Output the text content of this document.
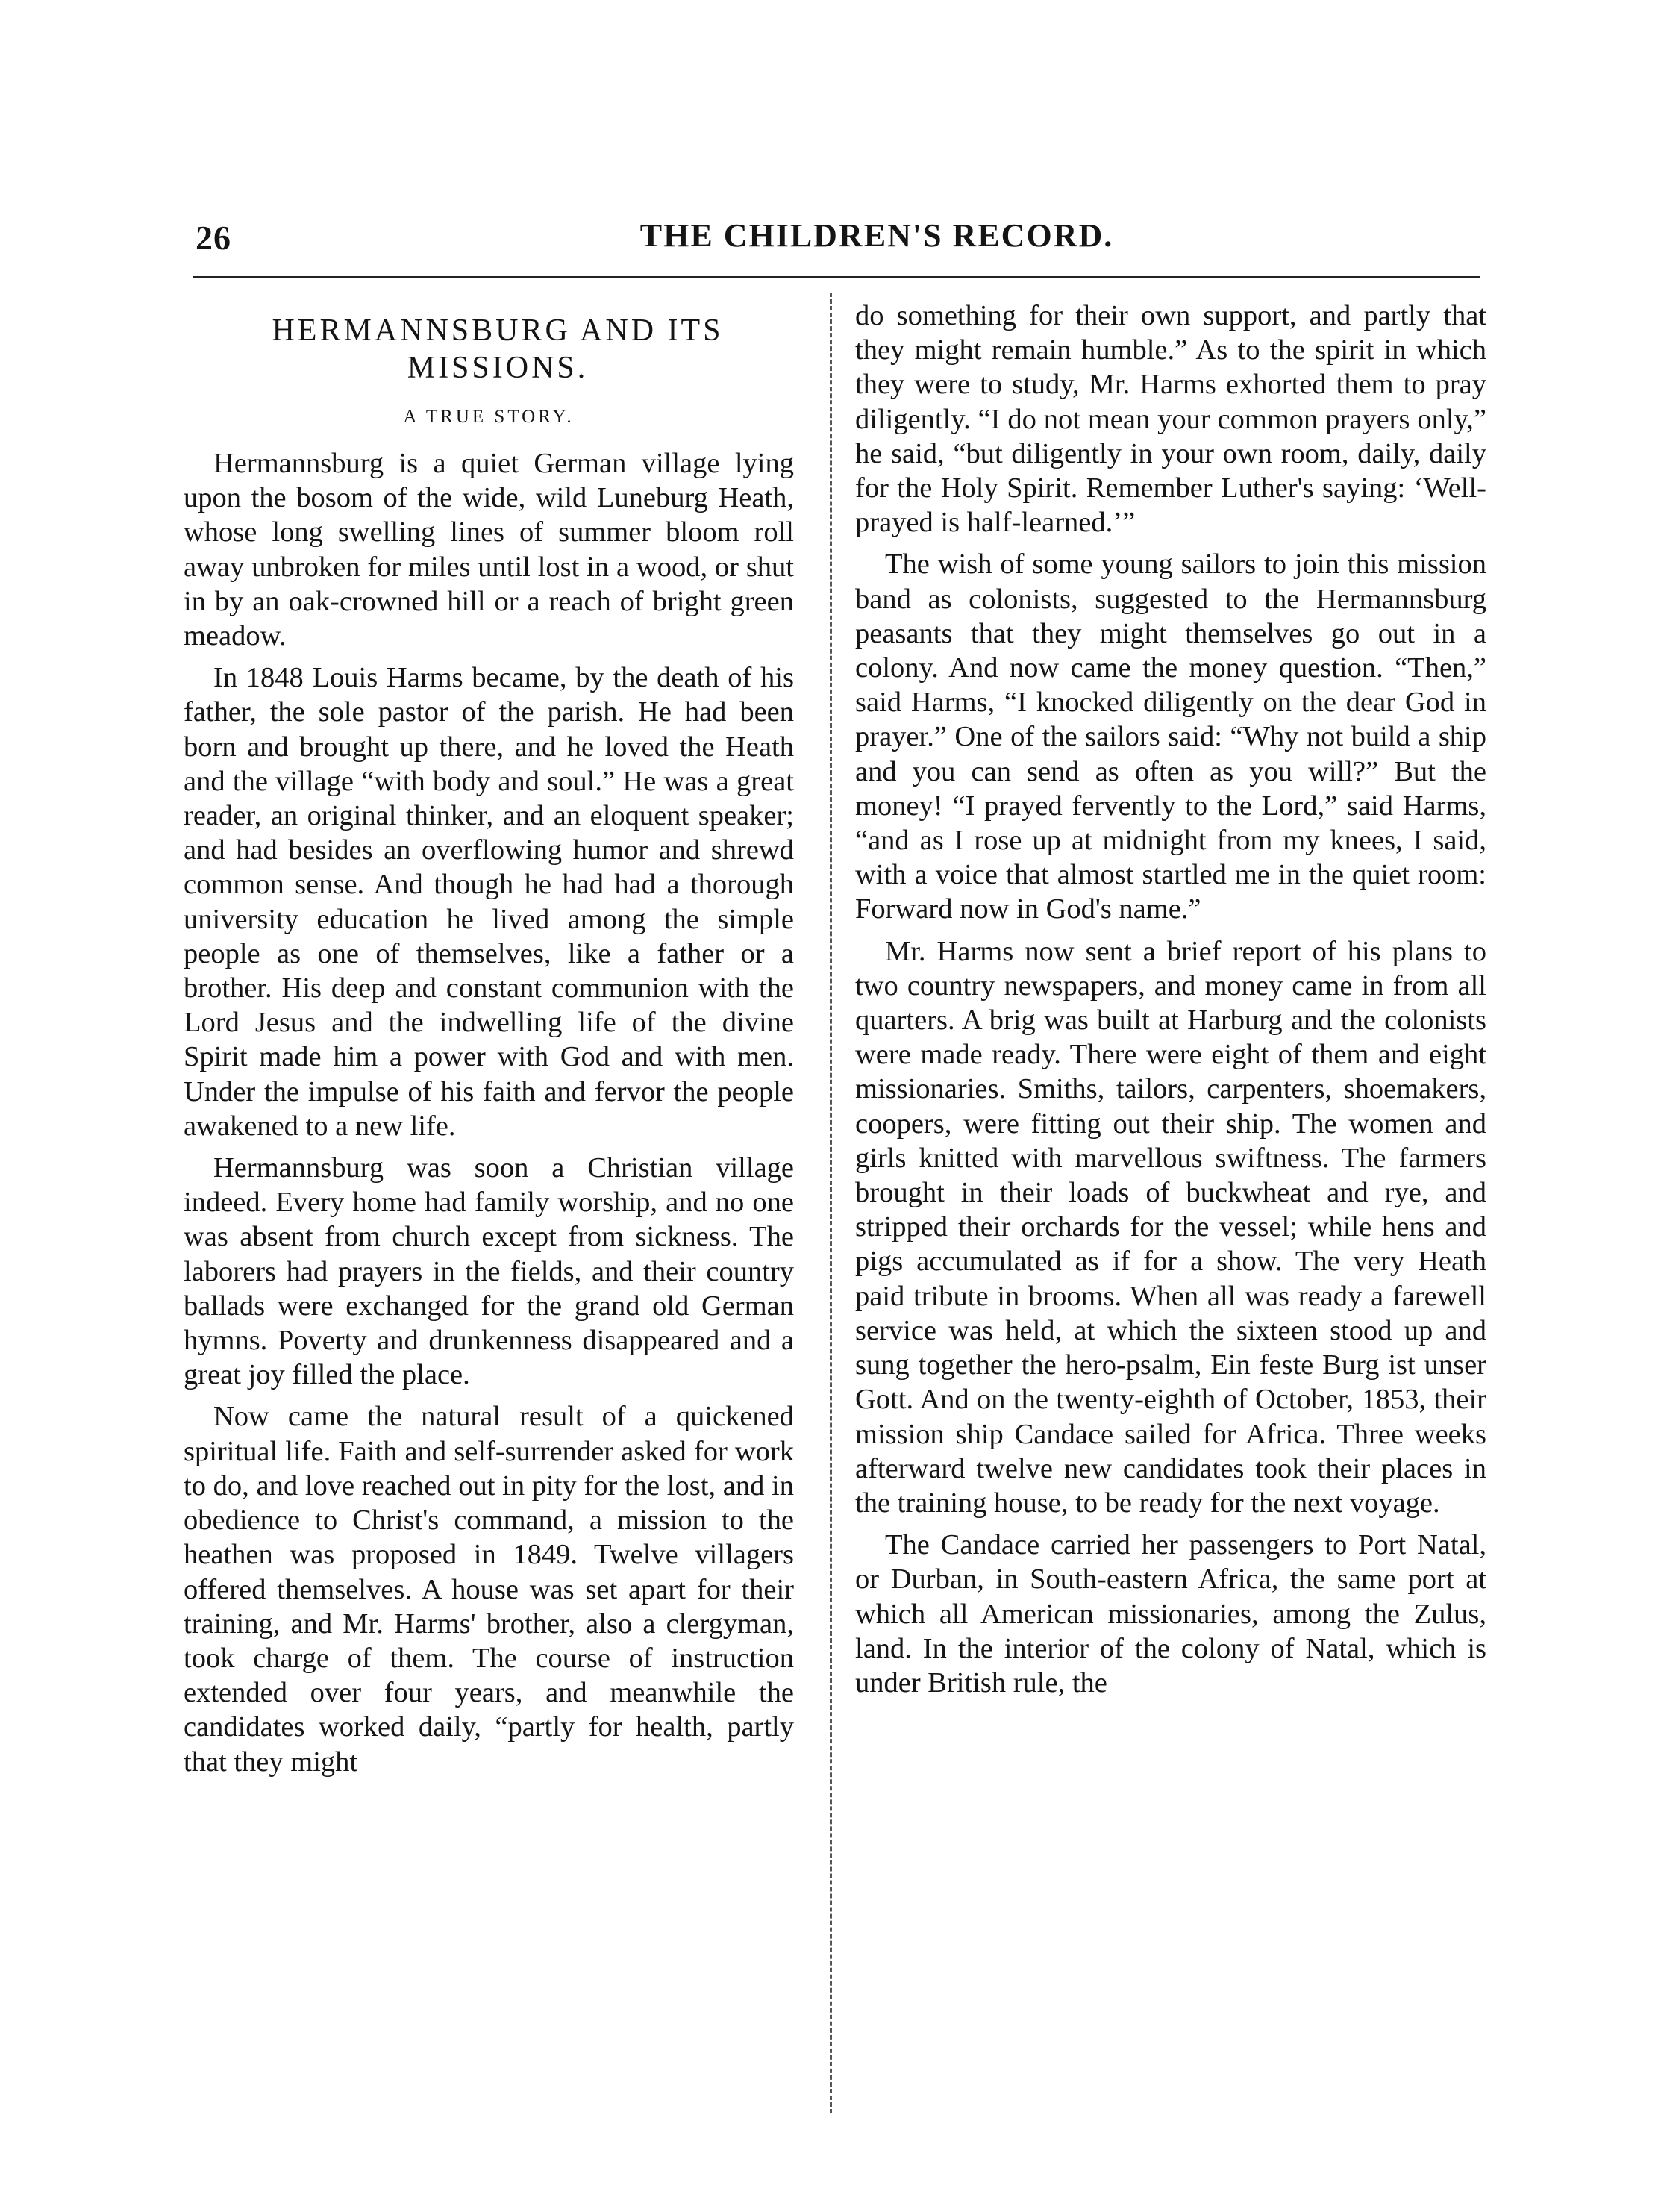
26	THE CHILDREN'S RECORD.
HERMANNSBURG AND ITS MISSIONS.
A TRUE STORY.

Hermannsburg is a quiet German village lying upon the bosom of the wide, wild Luneburg Heath, whose long swelling lines of summer bloom roll away unbroken for miles until lost in a wood, or shut in by an oak-crowned hill or a reach of bright green meadow.

In 1848 Louis Harms became, by the death of his father, the sole pastor of the parish. He had been born and brought up there, and he loved the Heath and the village “with body and soul.” He was a great reader, an original thinker, and an eloquent speaker; and had besides an overflowing humor and shrewd common sense. And though he had had a thorough university education he lived among the simple people as one of themselves, like a father or a brother. His deep and constant communion with the Lord Jesus and the indwelling life of the divine Spirit made him a power with God and with men. Under the impulse of his faith and fervor the people awakened to a new life.

Hermannsburg was soon a Christian village indeed. Every home had family worship, and no one was absent from church except from sickness. The laborers had prayers in the fields, and their country ballads were exchanged for the grand old German hymns. Poverty and drunkenness disappeared and a great joy filled the place.

Now came the natural result of a quickened spiritual life. Faith and self-surrender asked for work to do, and love reached out in pity for the lost, and in obedience to Christ's command, a mission to the heathen was proposed in 1849. Twelve villagers offered themselves. A house was set apart for their training, and Mr. Harms' brother, also a clergyman, took charge of them. The course of instruction extended over four years, and meanwhile the candidates worked daily, “partly for health, partly that they might

do something for their own support, and partly that they might remain humble.” As to the spirit in which they were to study, Mr. Harms exhorted them to pray diligently. “I do not mean your common prayers only,” he said, “but diligently in your own room, daily, daily for the Holy Spirit. Remember Luther's saying: ‘Well-prayed is half-learned.’”

The wish of some young sailors to join this mission band as colonists, suggested to the Hermannsburg peasants that they might themselves go out in a colony. And now came the money question. “Then,” said Harms, “I knocked diligently on the dear God in prayer.” One of the sailors said: “Why not build a ship and you can send as often as you will?” But the money! “I prayed fervently to the Lord,” said Harms, “and as I rose up at midnight from my knees, I said, with a voice that almost startled me in the quiet room: Forward now in God's name.”

Mr. Harms now sent a brief report of his plans to two country newspapers, and money came in from all quarters. A brig was built at Harburg and the colonists were made ready. There were eight of them and eight missionaries. Smiths, tailors, carpenters, shoemakers, coopers, were fitting out their ship. The women and girls knitted with marvellous swiftness. The farmers brought in their loads of buckwheat and rye, and stripped their orchards for the vessel; while hens and pigs accumulated as if for a show. The very Heath paid tribute in brooms. When all was ready a farewell service was held, at which the sixteen stood up and sung together the hero-psalm, Ein feste Burg ist unser Gott. And on the twenty-eighth of October, 1853, their mission ship Candace sailed for Africa. Three weeks afterward twelve new candidates took their places in the training house, to be ready for the next voyage.

The Candace carried her passengers to Port Natal, or Durban, in South-eastern Africa, the same port at which all American missionaries, among the Zulus, land. In the interior of the colony of Natal, which is under British rule, the
